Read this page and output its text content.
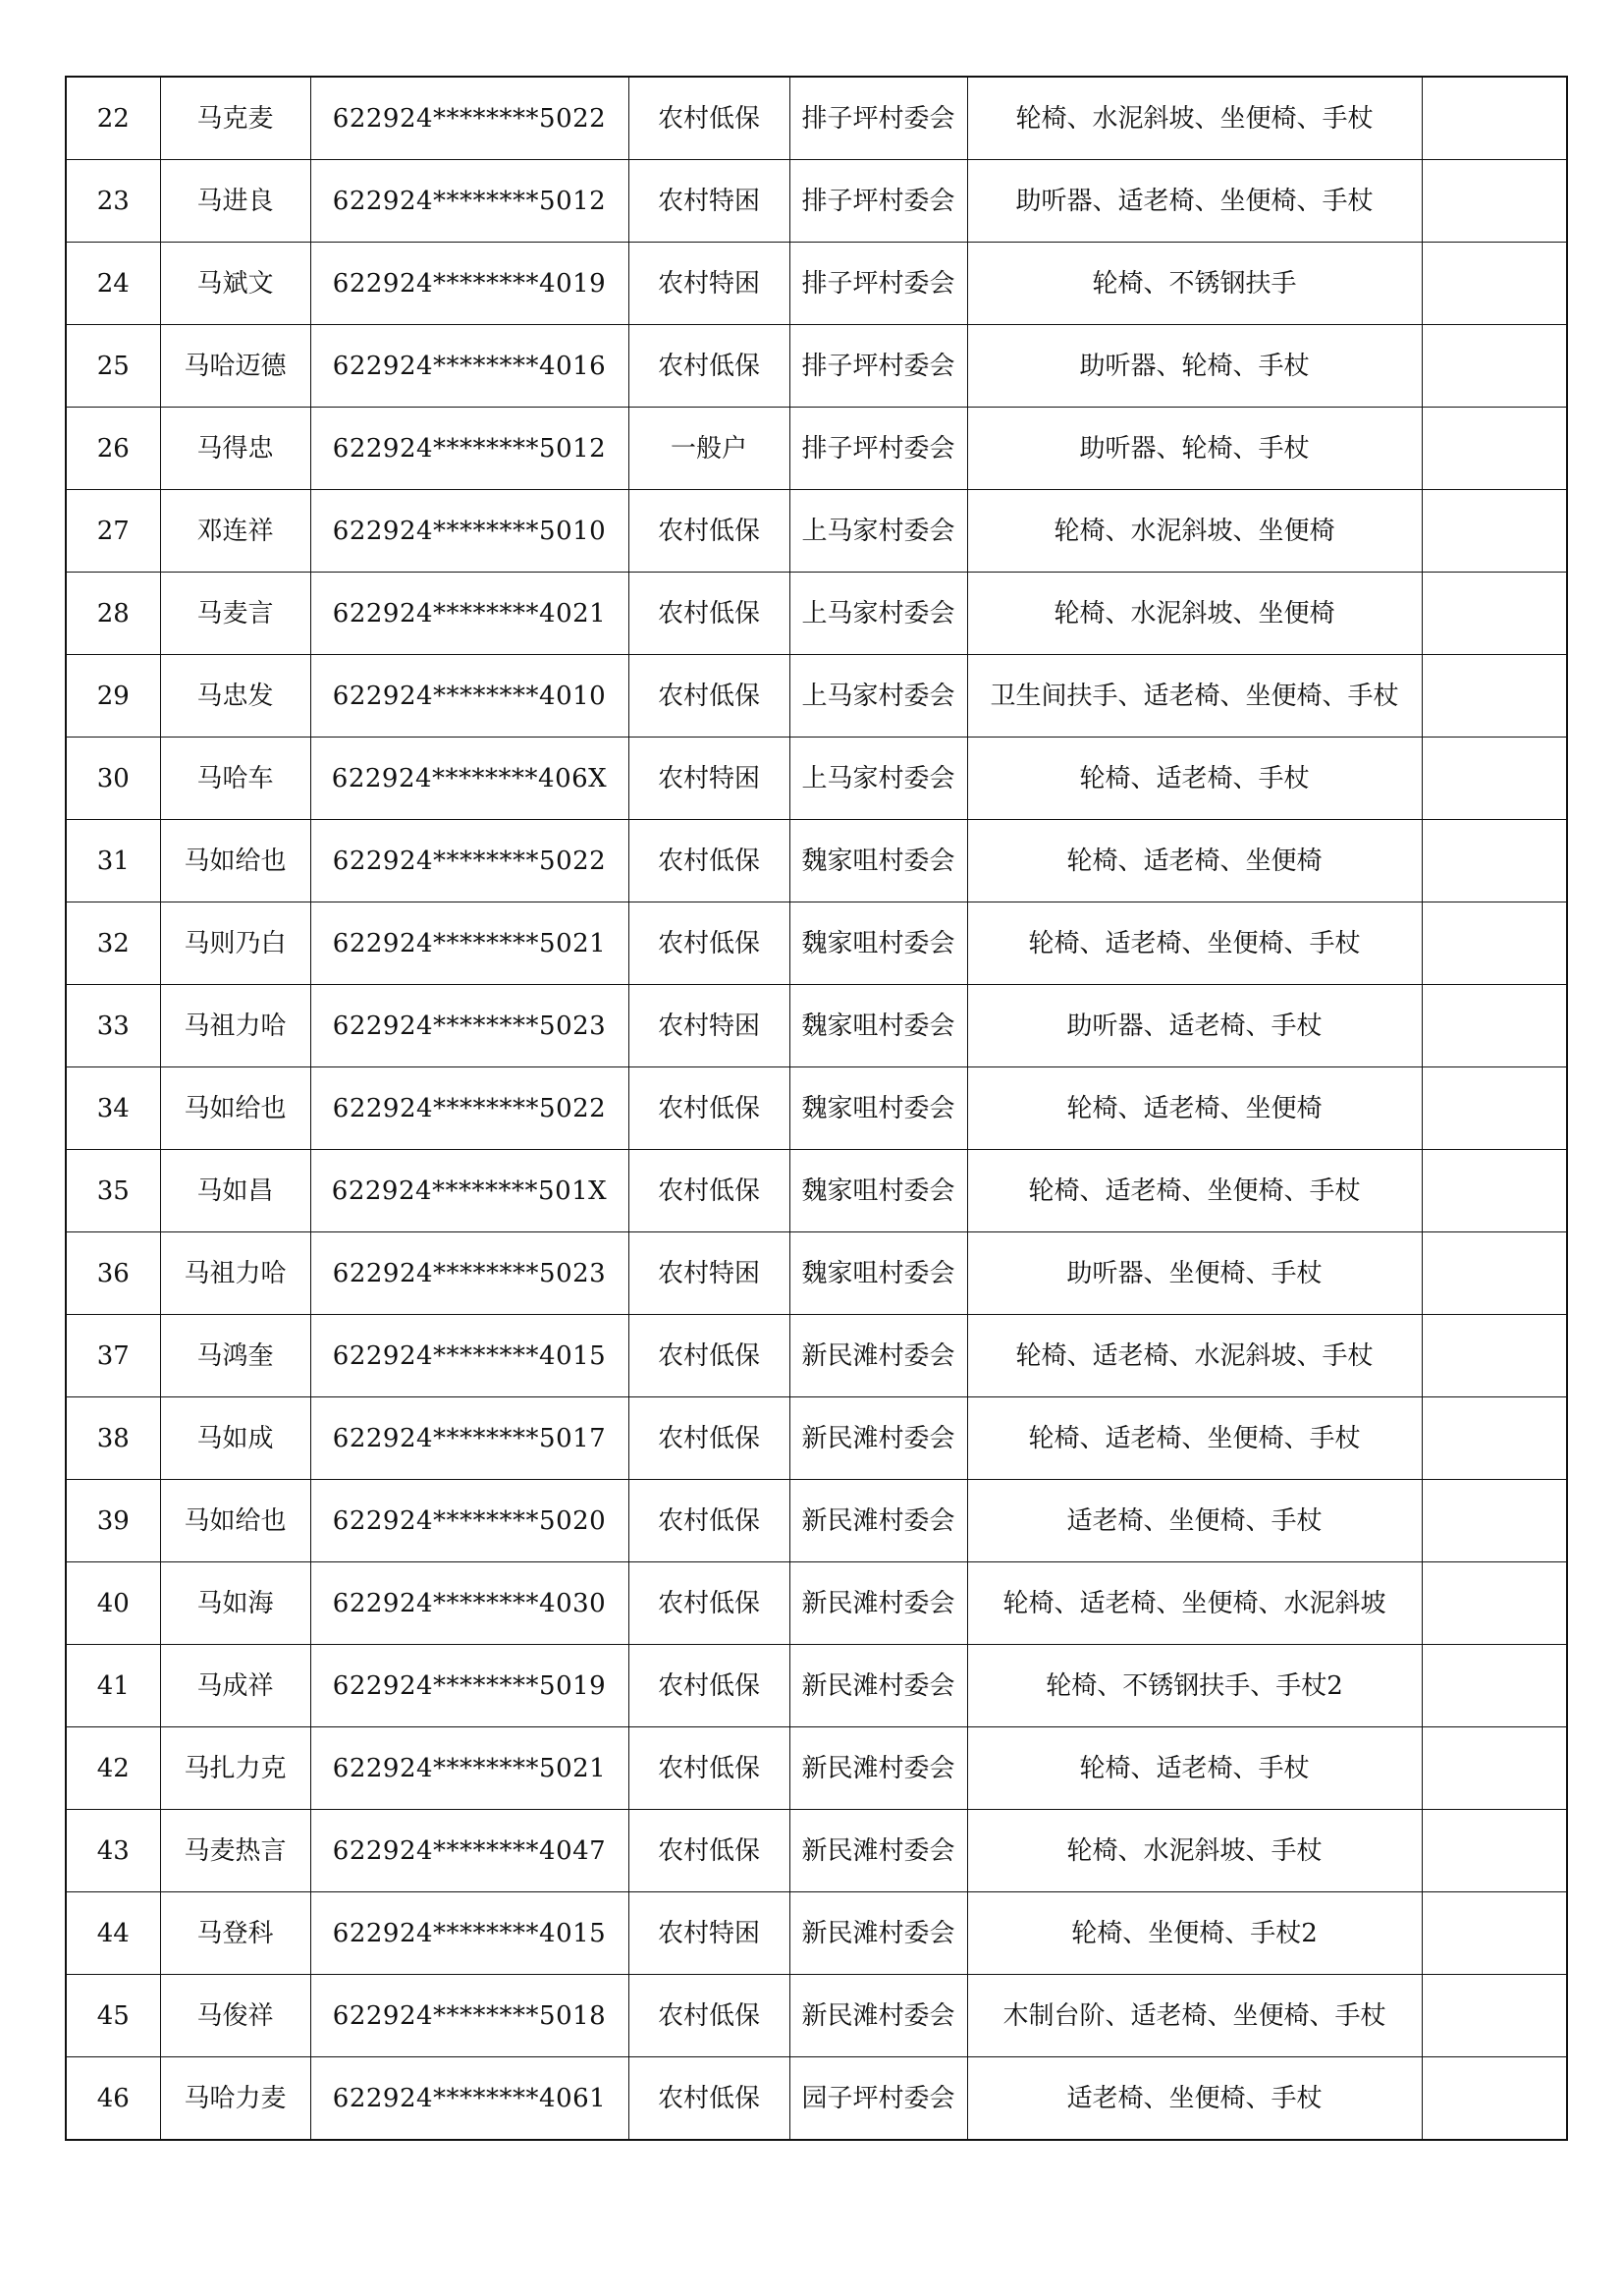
22	马克麦	622924********5022	农村低保	排子坪村委会	轮椅、水泥斜坡、坐便椅、手杖	
23	马进良	622924********5012	农村特困	排子坪村委会	助听器、适老椅、坐便椅、手杖	
24	马斌文	622924********4019	农村特困	排子坪村委会	轮椅、不锈钢扶手	
25	马哈迈德	622924********4016	农村低保	排子坪村委会	助听器、轮椅、手杖	
26	马得忠	622924********5012	一般户	排子坪村委会	助听器、轮椅、手杖	
27	邓连祥	622924********5010	农村低保	上马家村委会	轮椅、水泥斜坡、坐便椅	
28	马麦言	622924********4021	农村低保	上马家村委会	轮椅、水泥斜坡、坐便椅	
29	马忠发	622924********4010	农村低保	上马家村委会	卫生间扶手、适老椅、坐便椅、手杖	
30	马哈车	622924********406X	农村特困	上马家村委会	轮椅、适老椅、手杖	
31	马如给也	622924********5022	农村低保	魏家咀村委会	轮椅、适老椅、坐便椅	
32	马则乃白	622924********5021	农村低保	魏家咀村委会	轮椅、适老椅、坐便椅、手杖	
33	马祖力哈	622924********5023	农村特困	魏家咀村委会	助听器、适老椅、手杖	
34	马如给也	622924********5022	农村低保	魏家咀村委会	轮椅、适老椅、坐便椅	
35	马如昌	622924********501X	农村低保	魏家咀村委会	轮椅、适老椅、坐便椅、手杖	
36	马祖力哈	622924********5023	农村特困	魏家咀村委会	助听器、坐便椅、手杖	
37	马鸿奎	622924********4015	农村低保	新民滩村委会	轮椅、适老椅、水泥斜坡、手杖	
38	马如成	622924********5017	农村低保	新民滩村委会	轮椅、适老椅、坐便椅、手杖	
39	马如给也	622924********5020	农村低保	新民滩村委会	适老椅、坐便椅、手杖	
40	马如海	622924********4030	农村低保	新民滩村委会	轮椅、适老椅、坐便椅、水泥斜坡	
41	马成祥	622924********5019	农村低保	新民滩村委会	轮椅、不锈钢扶手、手杖2	
42	马扎力克	622924********5021	农村低保	新民滩村委会	轮椅、适老椅、手杖	
43	马麦热言	622924********4047	农村低保	新民滩村委会	轮椅、水泥斜坡、手杖	
44	马登科	622924********4015	农村特困	新民滩村委会	轮椅、坐便椅、手杖2	
45	马俊祥	622924********5018	农村低保	新民滩村委会	木制台阶、适老椅、坐便椅、手杖	
46	马哈力麦	622924********4061	农村低保	园子坪村委会	适老椅、坐便椅、手杖	
